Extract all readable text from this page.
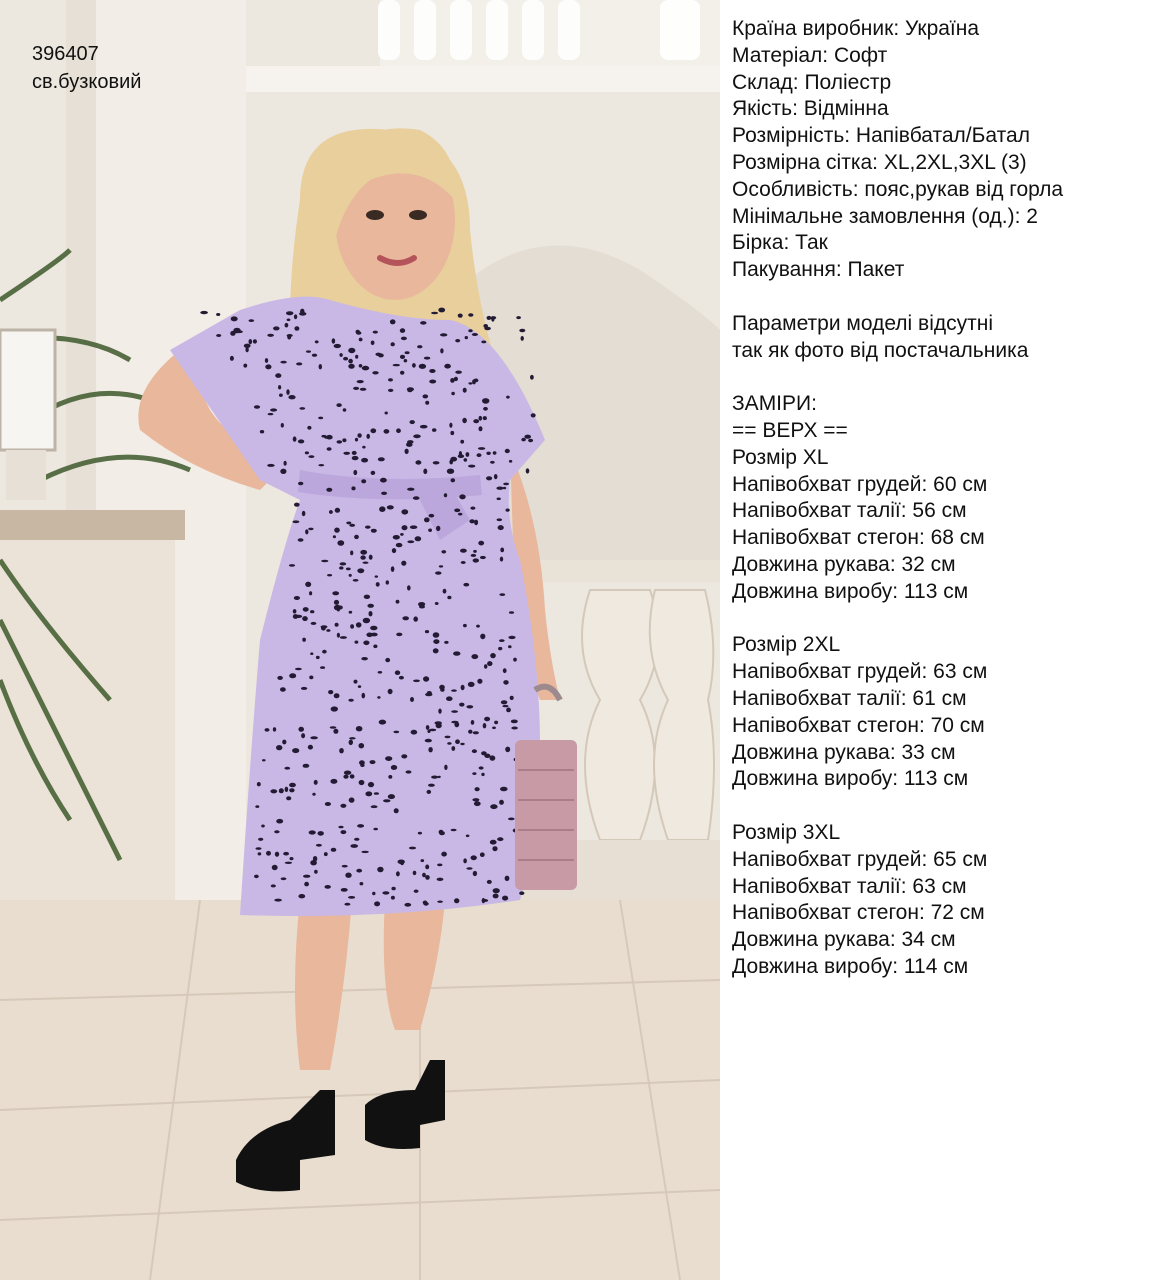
396407
св.бузковий
Країна виробник: Україна
Матеріал: Софт
Склад: Поліестр
Якість: Відмінна
Розмірність: Напівбатал/Батал
Розмірна сітка: XL,2XL,3XL (3)
Особливість: пояс,рукав від горла
Мінімальне замовлення (од.): 2
Бірка: Так
Пакування: Пакет
Параметри моделі відсутні
так як фото від постачальника
ЗАМІРИ:
== ВЕРХ ==
Розмір XL
Напівобхват грудей: 60 см
Напівобхват талії: 56 см
Напівобхват стегон: 68 см
Довжина рукава: 32 см
Довжина виробу: 113 см
Розмір 2XL
Напівобхват грудей: 63 см
Напівобхват талії: 61 см
Напівобхват стегон: 70 см
Довжина рукава: 33 см
Довжина виробу: 113 см
Розмір 3XL
Напівобхват грудей: 65 см
Напівобхват талії: 63 см
Напівобхват стегон: 72 см
Довжина рукава: 34 см
Довжина виробу: 114 см
